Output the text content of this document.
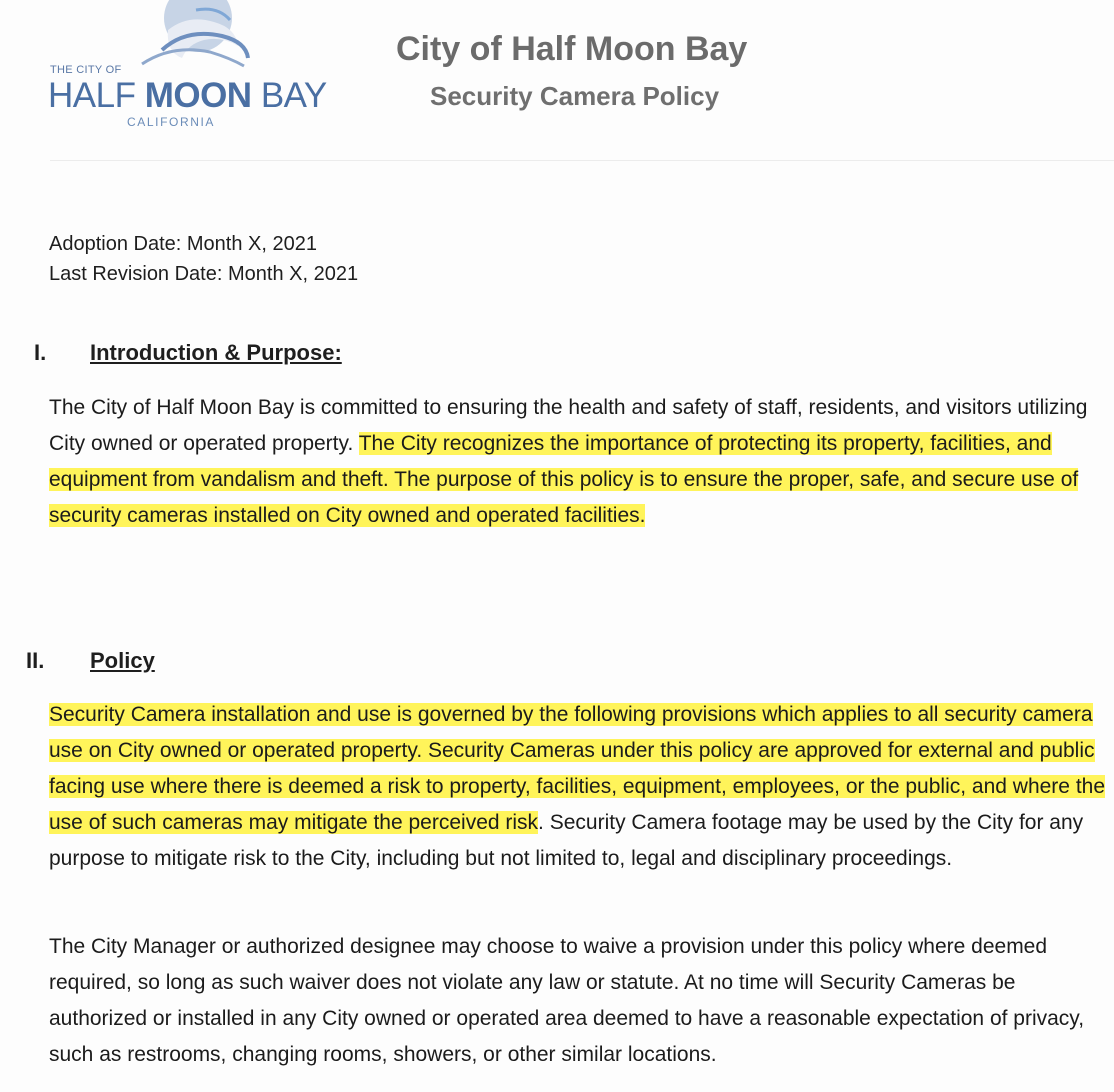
THE CITY OF
HALF MOON BAY
CALIFORNIA
City of Half Moon Bay
Security Camera Policy
Adoption Date: Month X, 2021
Last Revision Date: Month X, 2021
I. Introduction & Purpose:
The City of Half Moon Bay is committed to ensuring the health and safety of staff, residents, and visitors utilizing City owned or operated property. The City recognizes the importance of protecting its property, facilities, and equipment from vandalism and theft. The purpose of this policy is to ensure the proper, safe, and secure use of security cameras installed on City owned and operated facilities.
II. Policy
Security Camera installation and use is governed by the following provisions which applies to all security camera use on City owned or operated property. Security Cameras under this policy are approved for external and public facing use where there is deemed a risk to property, facilities, equipment, employees, or the public, and where the use of such cameras may mitigate the perceived risk. Security Camera footage may be used by the City for any purpose to mitigate risk to the City, including but not limited to, legal and disciplinary proceedings.
The City Manager or authorized designee may choose to waive a provision under this policy where deemed required, so long as such waiver does not violate any law or statute. At no time will Security Cameras be authorized or installed in any City owned or operated area deemed to have a reasonable expectation of privacy, such as restrooms, changing rooms, showers, or other similar locations.
